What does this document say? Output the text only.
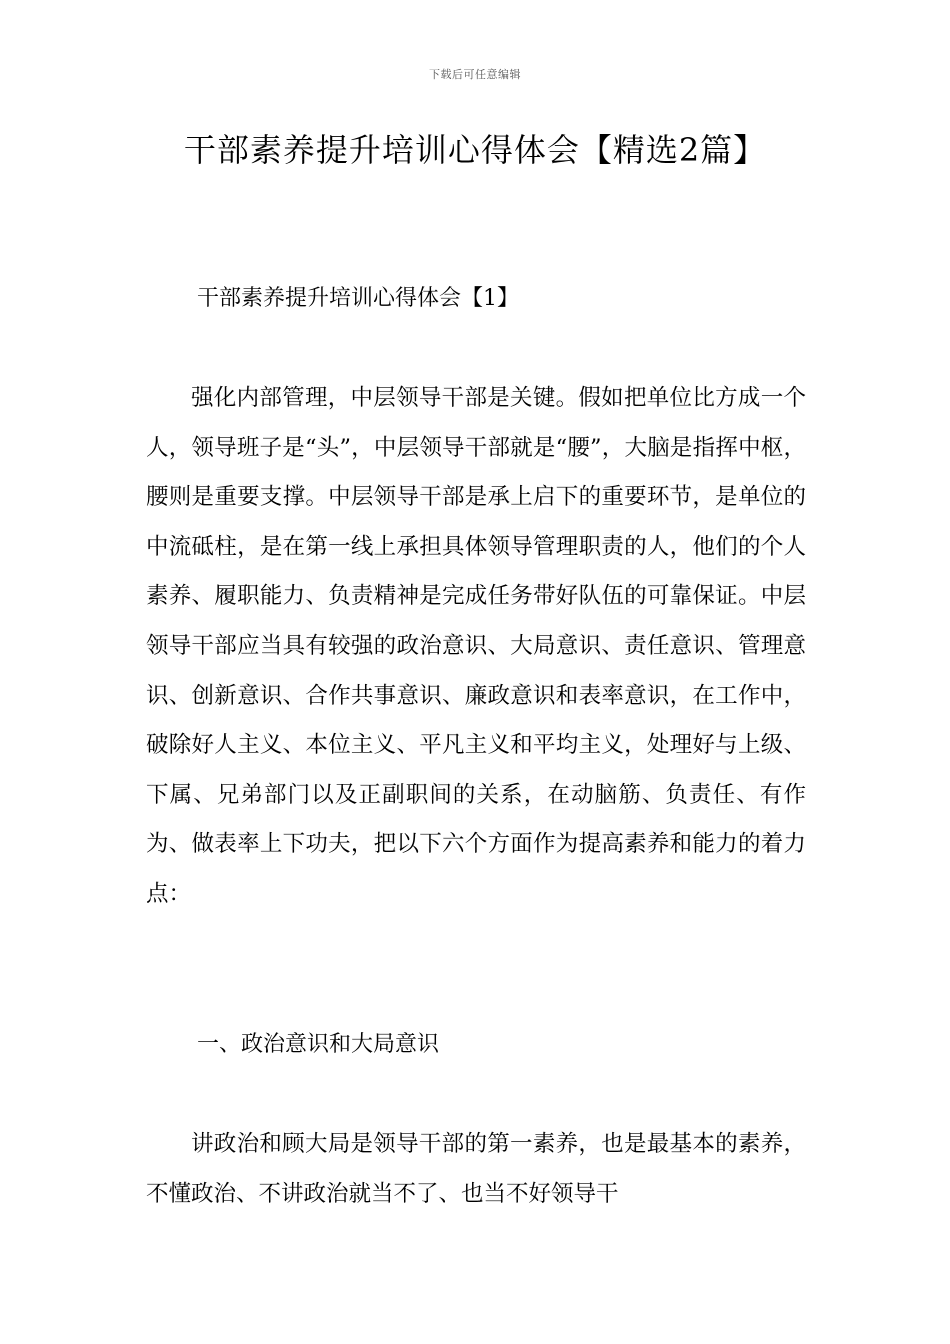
下载后可任意编辑
干部素养提升培训心得体会【精选2篇】
干部素养提升培训心得体会【1】

强化内部管理，中层领导干部是关键。假如把单位比方成一个人，领导班子是“头”，中层领导干部就是“腰”，大脑是指挥中枢，腰则是重要支撑。中层领导干部是承上启下的重要环节，是单位的中流砥柱，是在第一线上承担具体领导管理职责的人，他们的个人素养、履职能力、负责精神是完成任务带好队伍的可靠保证。中层领导干部应当具有较强的政治意识、大局意识、责任意识、管理意识、创新意识、合作共事意识、廉政意识和表率意识，在工作中，破除好人主义、本位主义、平凡主义和平均主义，处理好与上级、下属、兄弟部门以及正副职间的关系，在动脑筋、负责任、有作为、做表率上下功夫，把以下六个方面作为提高素养和能力的着力点：

一、政治意识和大局意识

讲政治和顾大局是领导干部的第一素养，也是最基本的素养，不懂政治、不讲政治就当不了、也当不好领导干
